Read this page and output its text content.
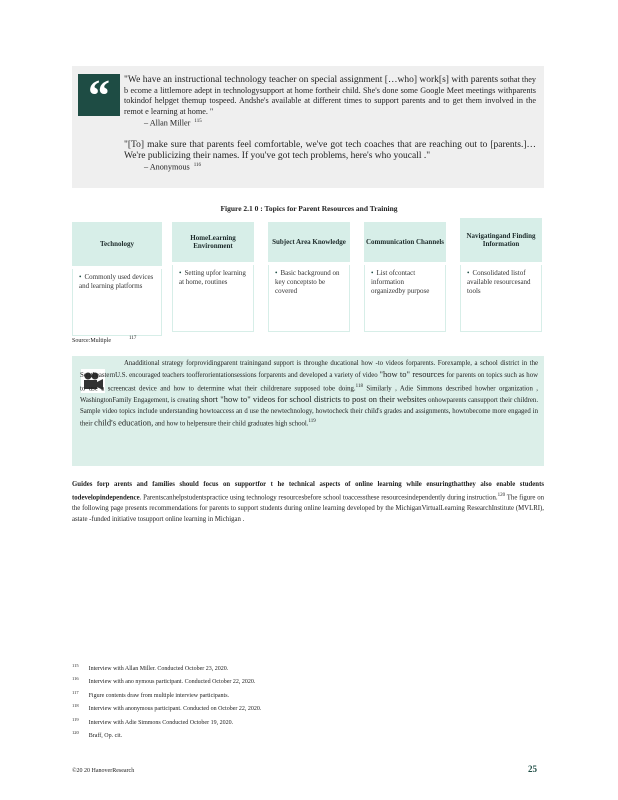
“	"We have an instructional technology teacher on special assignment […who] work[s] with parents sothat they b ecome a littlemore adept in technologysupport at home fortheir child. She's done some Google Meet meetings withparents tokindof helpget themup tospeed. Andshe's available at different times to support parents and to get them involved in the remot e learning at home. "
– Allan Miller $^{115}$
"[To] make sure that parents feel comfortable, we've got tech coaches that are reaching out to [parents.]… We're publicizing their names. If you've got tech problems, here's who youcall ."
– Anonymous $^{116}$
Figure 2.1 0 : Topics for Parent Resources and Training
Technology
• Commonly used devices and learning platforms
HomeLearning Environment
• Setting upfor learning at home, routines
Subject Area Knowledge
• Basic background on key conceptsto be covered
Communication Channels
• List ofcontact information organizedby purpose
Navigatingand Finding Information
• Consolidated listof available resourcesand tools
Source:Multiple	$^{117}$
Anadditional strategy forprovidingparent trainingand support is throughe ducational how -to videos forparents. Forexample, a school district in the SoutheasternU.S. encouraged teachers toofferorientationsessions forparents and developed a variety of video "how to" resources for parents on topics such as how to use a screencast device and how to determine what their childrenare supposed tobe doing.$^{118}$ Similarly , Adie Simmons described howher organization , WashingtonFamily Engagement, is creating short "how to" videos for school districts to post on their websites onhowparents cansupport their children. Sample video topics include understanding howtoaccess an d use the newtechnology, howtocheck their child's grades and assignments, howtobecome more engaged in their child's education, and how to helpensure their child graduates high school.$^{119}$
Guides forp arents and families should focus on supportfor t he technical aspects of online learning while ensuringthatthey also enable students todevelopindependence. Parentscanhelpstudentspractice using technology resourcesbefore school toaccessthese resourcesindependently during instruction.$^{120}$ The figure on the following page presents recommendations for parents to support students during online learning developed by the MichiganVirtualLearning ResearchInstitute (MVLRI), astate -funded initiative tosupport online learning in Michigan .
$^{115}$Interview with Allan Miller. Conducted October 23, 2020.
$^{116}$Interview with ano nymous participant. Conducted October 22, 2020.
$^{117}$Figure contents draw from multiple interview participants.
$^{118}$Interview with anonymous participant. Conducted on October 22, 2020.
$^{119}$Interview with Adie Simmons Conducted October 19, 2020.
$^{120}$Braff, Op. cit.
©20 20 HanoverResearch	25
